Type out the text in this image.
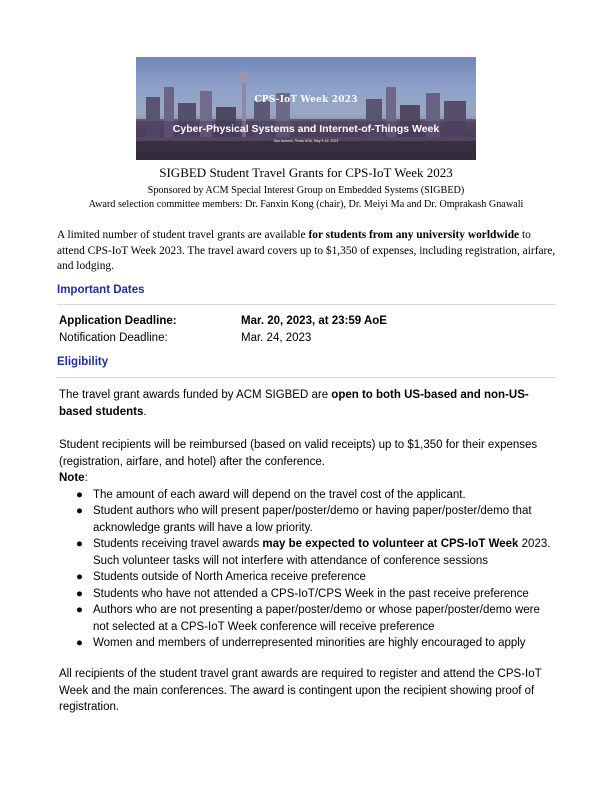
CPS-IoT Week 2023
Cyber-Physical Systems and Internet-of-Things Week
San Antonio, Texas USA, May 9-12, 2023
SIGBED Student Travel Grants for CPS-IoT Week 2023
Sponsored by ACM Special Interest Group on Embedded Systems (SIGBED)
Award selection committee members: Dr. Fanxin Kong (chair), Dr. Meiyi Ma and Dr. Omprakash Gnawali
A limited number of student travel grants are available for students from any university worldwide to attend CPS-IoT Week 2023. The travel award covers up to $1,350 of expenses, including registration, airfare, and lodging.
Important Dates
Application Deadline:	Mar. 20, 2023, at 23:59 AoE
Notification Deadline:	Mar. 24, 2023
Eligibility
The travel grant awards funded by ACM SIGBED are open to both US-based and non-US-based students.
Student recipients will be reimbursed (based on valid receipts) up to $1,350 for their expenses (registration, airfare, and hotel) after the conference.
Note:
● The amount of each award will depend on the travel cost of the applicant.
● Student authors who will present paper/poster/demo or having paper/poster/demo that acknowledge grants will have a low priority.
● Students receiving travel awards may be expected to volunteer at CPS-IoT Week 2023. Such volunteer tasks will not interfere with attendance of conference sessions
● Students outside of North America receive preference
● Students who have not attended a CPS-IoT/CPS Week in the past receive preference
● Authors who are not presenting a paper/poster/demo or whose paper/poster/demo were not selected at a CPS-IoT Week conference will receive preference
● Women and members of underrepresented minorities are highly encouraged to apply
All recipients of the student travel grant awards are required to register and attend the CPS-IoT Week and the main conferences. The award is contingent upon the recipient showing proof of registration.
